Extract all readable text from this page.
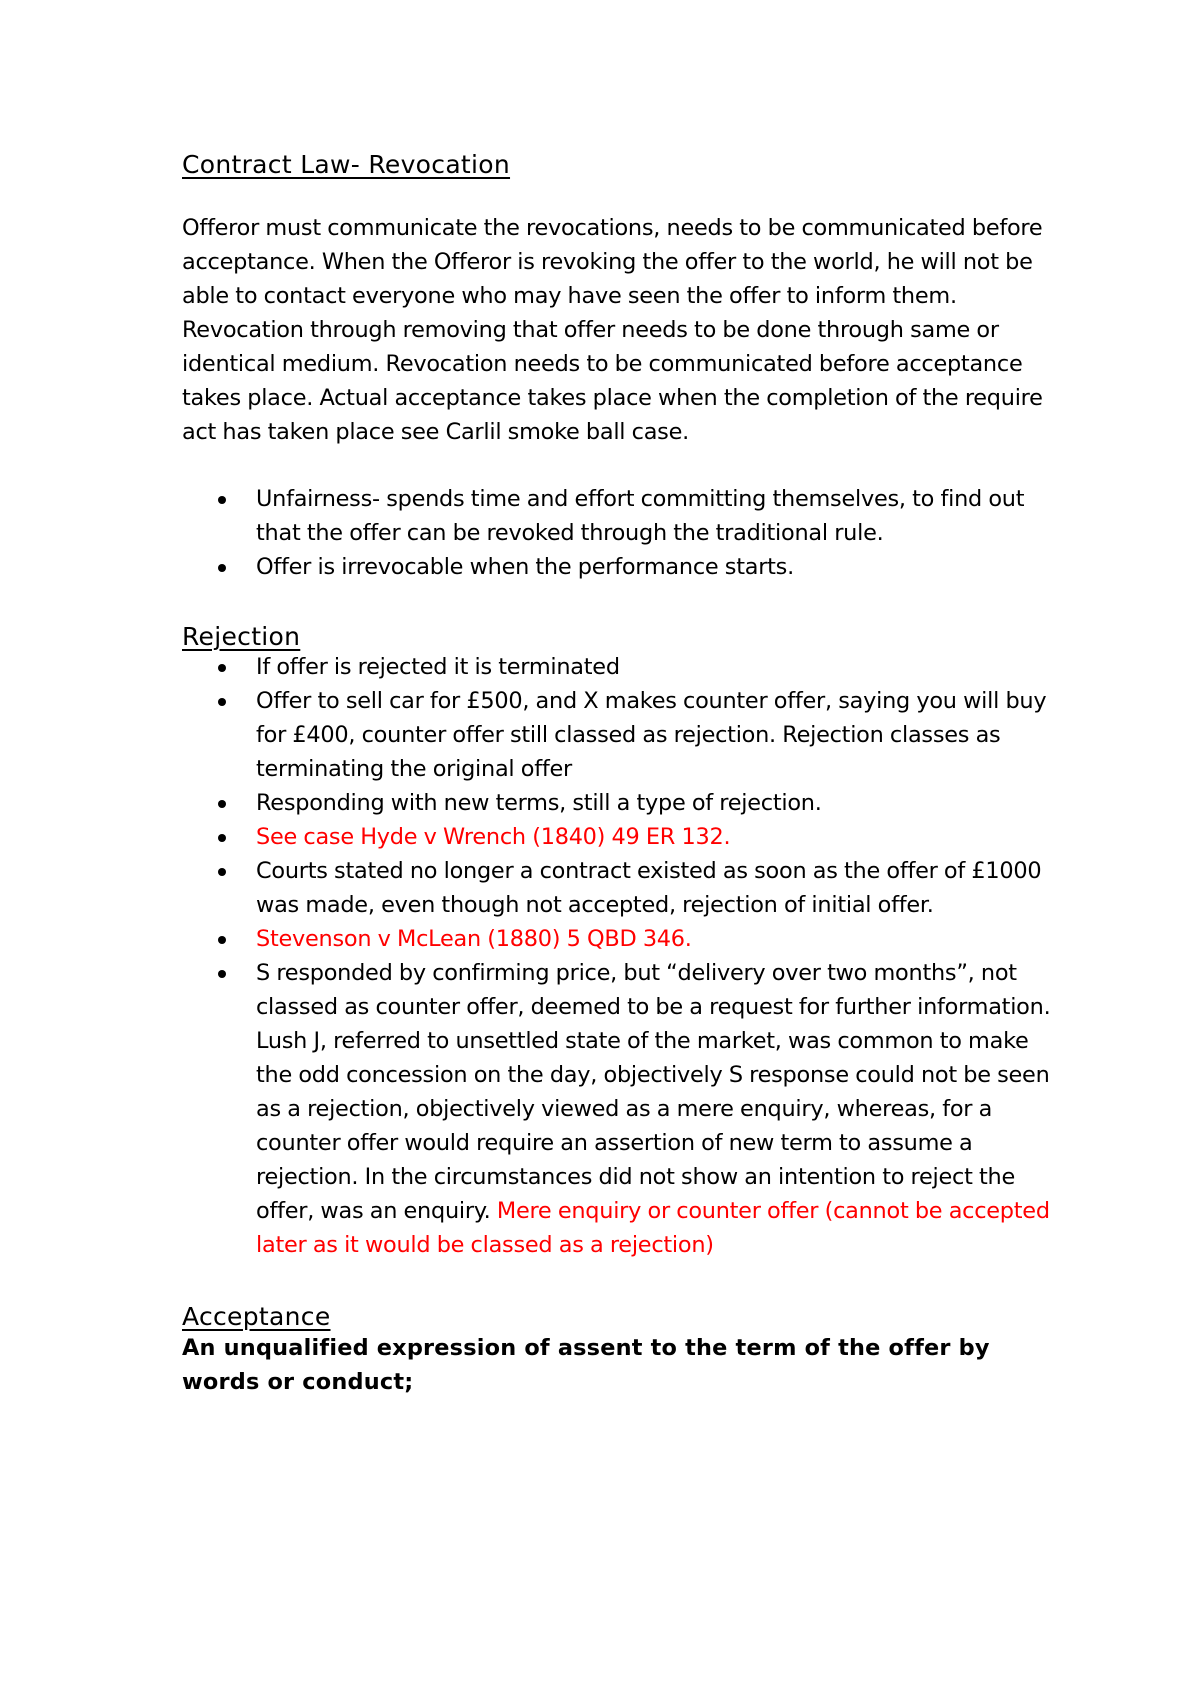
Contract Law- Revocation

Offeror must communicate the revocations, needs to be communicated before acceptance. When the Offeror is revoking the offer to the world, he will not be able to contact everyone who may have seen the offer to inform them. Revocation through removing that offer needs to be done through same or identical medium. Revocation needs to be communicated before acceptance takes place. Actual acceptance takes place when the completion of the require act has taken place see Carlil smoke ball case.

Unfairness- spends time and effort committing themselves, to find out that the offer can be revoked through the traditional rule.
Offer is irrevocable when the performance starts.
Rejection
If offer is rejected it is terminated
Offer to sell car for £500, and X makes counter offer, saying you will buy for £400, counter offer still classed as rejection. Rejection classes as terminating the original offer
Responding with new terms, still a type of rejection.
See case Hyde v Wrench (1840) 49 ER 132.
Courts stated no longer a contract existed as soon as the offer of £1000 was made, even though not accepted, rejection of initial offer.
Stevenson v McLean (1880) 5 QBD 346.
S responded by confirming price, but “delivery over two months”, not classed as counter offer, deemed to be a request for further information. Lush J, referred to unsettled state of the market, was common to make the odd concession on the day, objectively S response could not be seen as a rejection, objectively viewed as a mere enquiry, whereas, for a counter offer would require an assertion of new term to assume a rejection. In the circumstances did not show an intention to reject the offer, was an enquiry. Mere enquiry or counter offer (cannot be accepted later as it would be classed as a rejection)
Acceptance

An unqualified expression of assent to the term of the offer by words or conduct;
